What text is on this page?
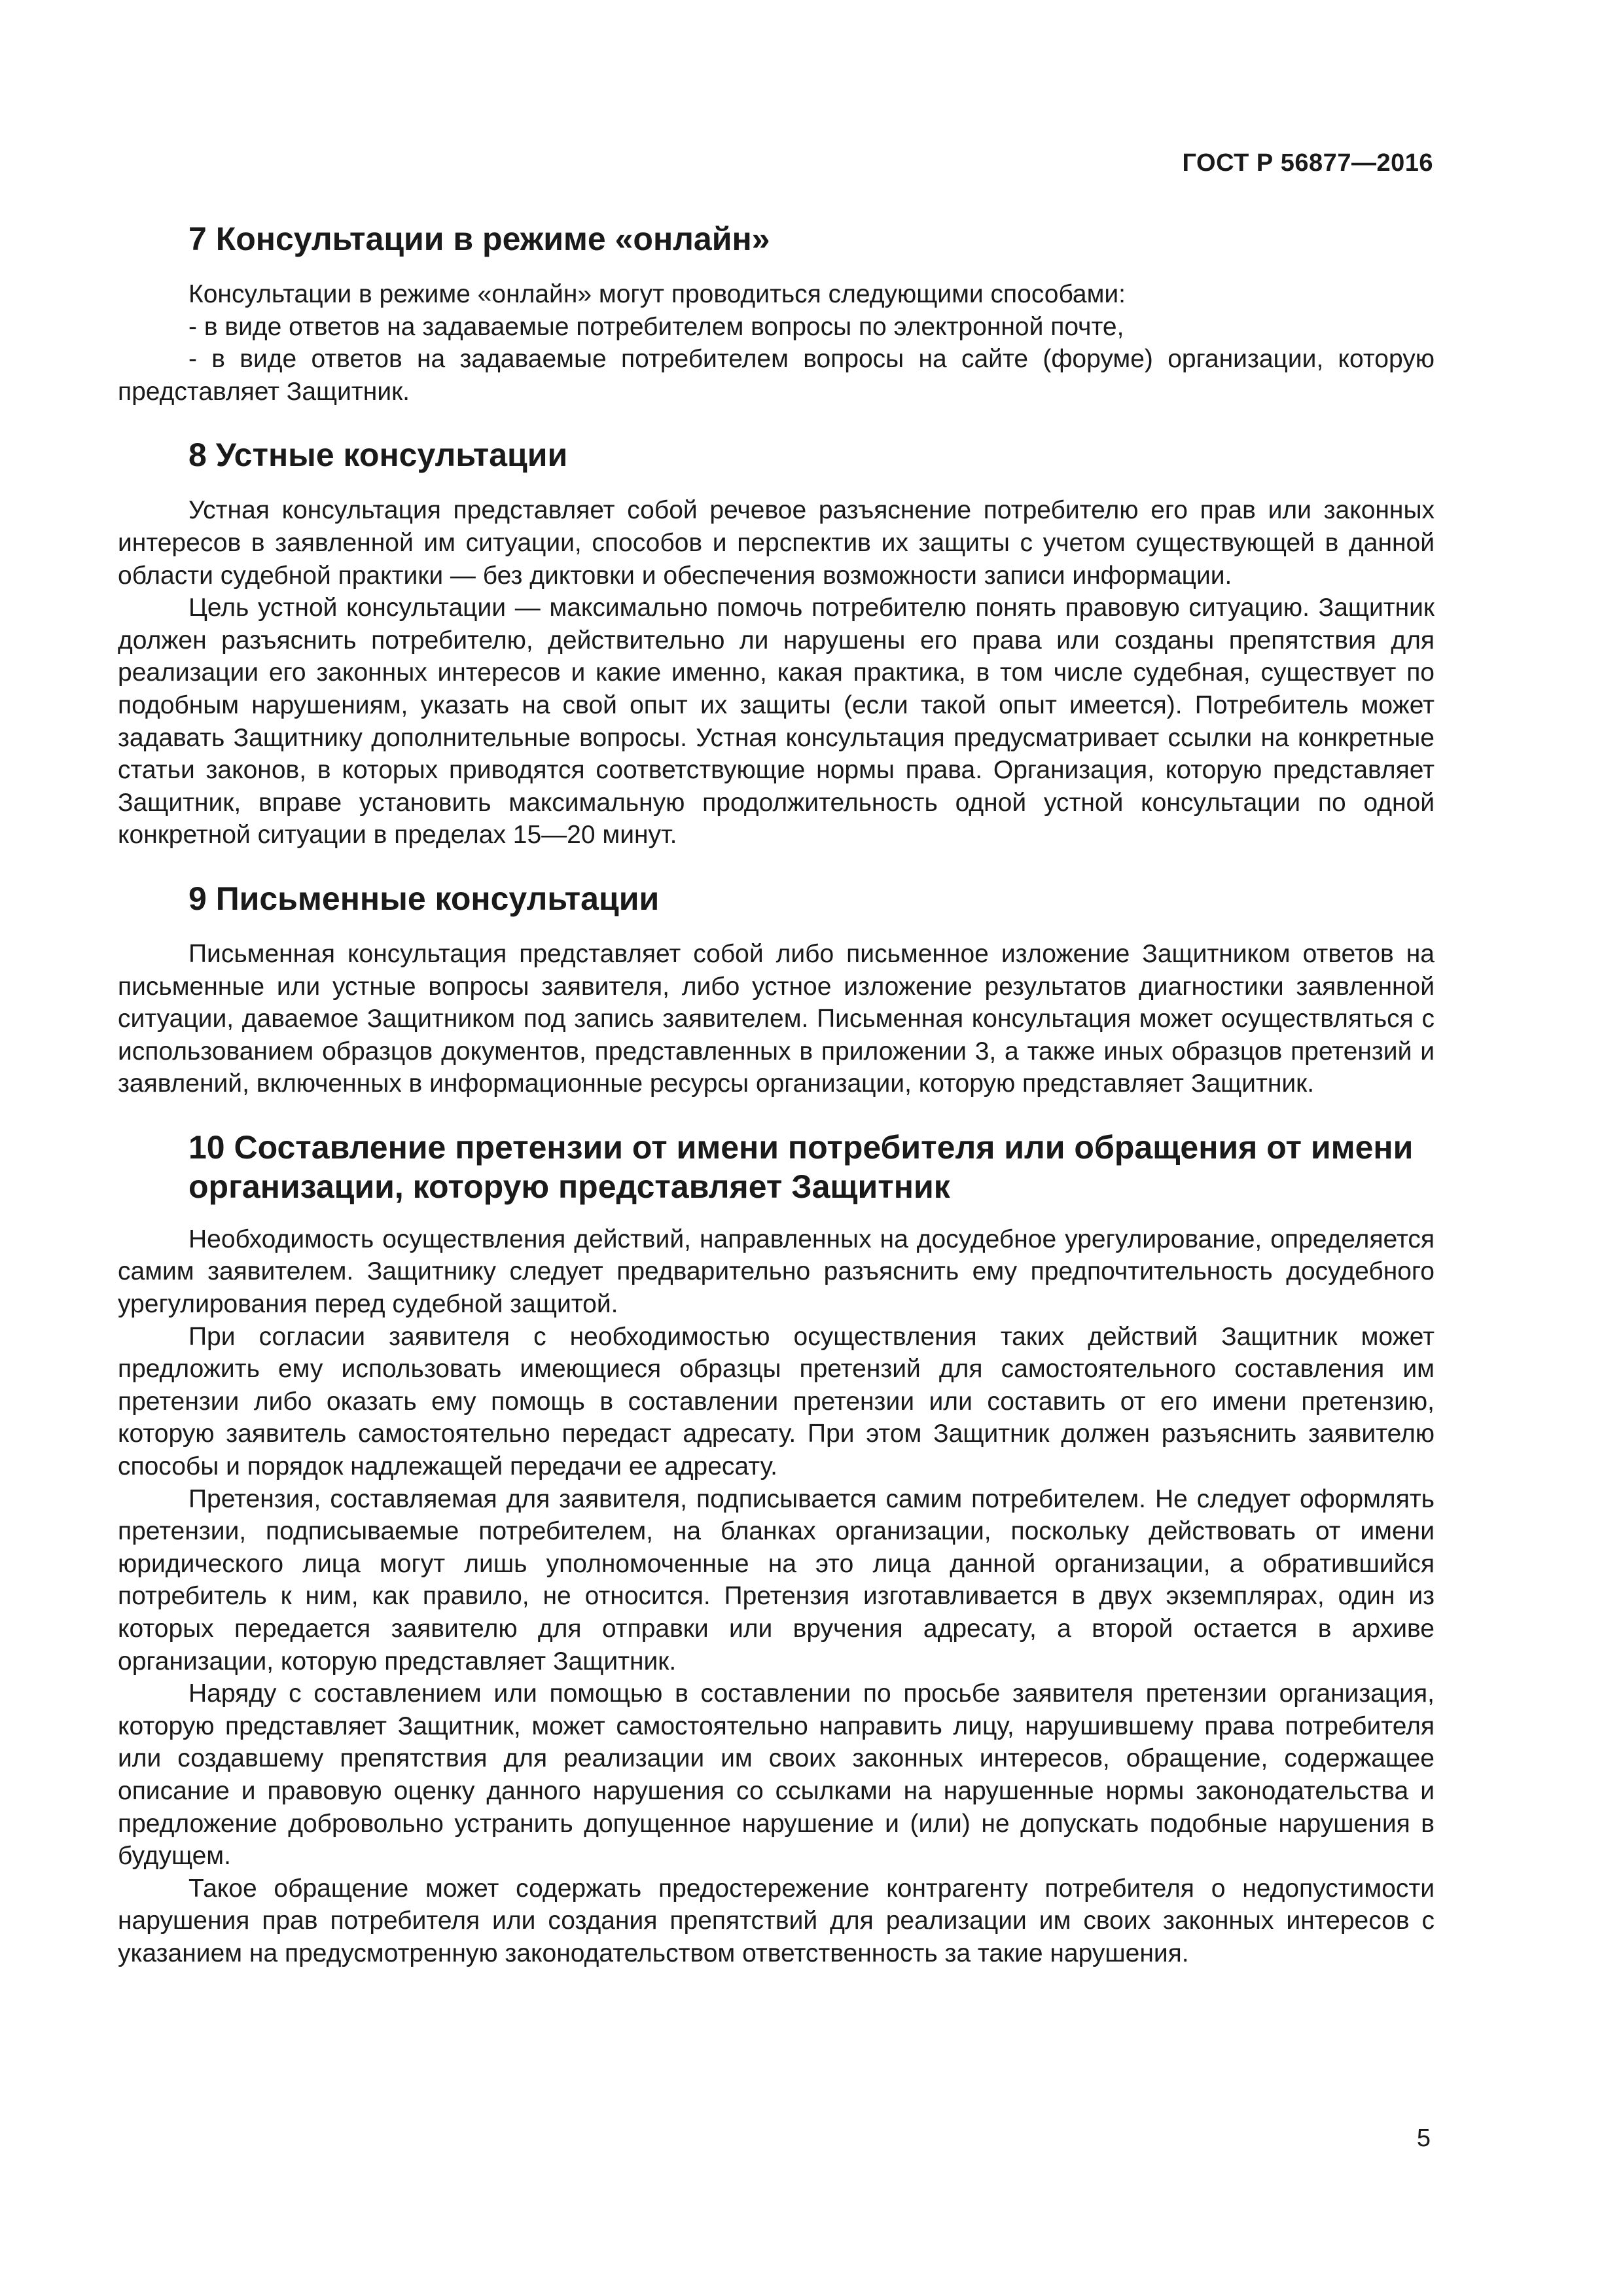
ГОСТ Р 56877—2016
7 Консультации в режиме «онлайн»

Консультации в режиме «онлайн» могут проводиться следующими способами:

- в виде ответов на задаваемые потребителем вопросы по электронной почте,

- в виде ответов на задаваемые потребителем вопросы на сайте (форуме) организации, которую представляет Защитник.

8 Устные консультации

Устная консультация представляет собой речевое разъяснение потребителю его прав или законных интересов в заявленной им ситуации, способов и перспектив их защиты с учетом существующей в данной области судебной практики — без диктовки и обеспечения возможности записи информации.

Цель устной консультации — максимально помочь потребителю понять правовую ситуацию. Защитник должен разъяснить потребителю, действительно ли нарушены его права или созданы препятствия для реализации его законных интересов и какие именно, какая практика, в том числе судебная, существует по подобным нарушениям, указать на свой опыт их защиты (если такой опыт имеется). Потребитель может задавать Защитнику дополнительные вопросы. Устная консультация предусматривает ссылки на конкретные статьи законов, в которых приводятся соответствующие нормы права. Организация, которую представляет Защитник, вправе установить максимальную продолжительность одной устной консультации по одной конкретной ситуации в пределах 15—20 минут.

9 Письменные консультации

Письменная консультация представляет собой либо письменное изложение Защитником ответов на письменные или устные вопросы заявителя, либо устное изложение результатов диагностики заявленной ситуации, даваемое Защитником под запись заявителем. Письменная консультация может осуществляться с использованием образцов документов, представленных в приложении 3, а также иных образцов претензий и заявлений, включенных в информационные ресурсы организации, которую представляет Защитник.

10 Составление претензии от имени потребителя или обращения от имени
организации, которую представляет Защитник

Необходимость осуществления действий, направленных на досудебное урегулирование, определяется самим заявителем. Защитнику следует предварительно разъяснить ему предпочтительность досудебного урегулирования перед судебной защитой.

При согласии заявителя с необходимостью осуществления таких действий Защитник может предложить ему использовать имеющиеся образцы претензий для самостоятельного составления им претензии либо оказать ему помощь в составлении претензии или составить от его имени претензию, которую заявитель самостоятельно передаст адресату. При этом Защитник должен разъяснить заявителю способы и порядок надлежащей передачи ее адресату.

Претензия, составляемая для заявителя, подписывается самим потребителем. Не следует оформлять претензии, подписываемые потребителем, на бланках организации, поскольку действовать от имени юридического лица могут лишь уполномоченные на это лица данной организации, а обратившийся потребитель к ним, как правило, не относится. Претензия изготавливается в двух экземплярах, один из которых передается заявителю для отправки или вручения адресату, а второй остается в архиве организации, которую представляет Защитник.

Наряду с составлением или помощью в составлении по просьбе заявителя претензии организация, которую представляет Защитник, может самостоятельно направить лицу, нарушившему права потребителя или создавшему препятствия для реализации им своих законных интересов, обращение, содержащее описание и правовую оценку данного нарушения со ссылками на нарушенные нормы законодательства и предложение добровольно устранить допущенное нарушение и (или) не допускать подобные нарушения в будущем.

Такое обращение может содержать предостережение контрагенту потребителя о недопустимости нарушения прав потребителя или создания препятствий для реализации им своих законных интересов с указанием на предусмотренную законодательством ответственность за такие нарушения.

5
